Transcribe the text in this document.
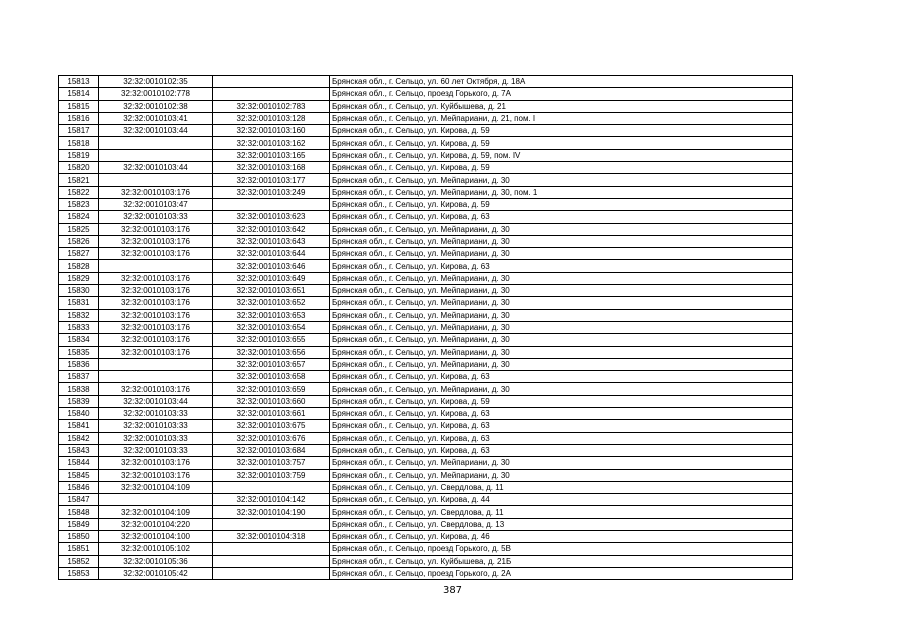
15813	32:32:0010102:35		Брянская обл., г. Сельцо, ул. 60 лет Октября, д. 18А
15814	32:32:0010102:778		Брянская обл., г. Сельцо, проезд Горького, д. 7А
15815	32:32:0010102:38	32:32:0010102:783	Брянская обл., г. Сельцо, ул. Куйбышева, д. 21
15816	32:32:0010103:41	32:32:0010103:128	Брянская обл., г. Сельцо, ул. Мейпариани, д. 21, пом. I
15817	32:32:0010103:44	32:32:0010103:160	Брянская обл., г. Сельцо, ул. Кирова, д. 59
15818		32:32:0010103:162	Брянская обл., г. Сельцо, ул. Кирова, д. 59
15819		32:32:0010103:165	Брянская обл., г. Сельцо, ул. Кирова, д. 59, пом. IV
15820	32:32:0010103:44	32:32:0010103:168	Брянская обл., г. Сельцо, ул. Кирова, д. 59
15821		32:32:0010103:177	Брянская обл., г. Сельцо, ул. Мейпариани, д. 30
15822	32:32:0010103:176	32:32:0010103:249	Брянская обл., г. Сельцо, ул. Мейпариани, д. 30, пом. 1
15823	32:32:0010103:47		Брянская обл., г. Сельцо, ул. Кирова, д. 59
15824	32:32:0010103:33	32:32:0010103:623	Брянская обл., г. Сельцо, ул. Кирова, д. 63
15825	32:32:0010103:176	32:32:0010103:642	Брянская обл., г. Сельцо, ул. Мейпариани, д. 30
15826	32:32:0010103:176	32:32:0010103:643	Брянская обл., г. Сельцо, ул. Мейпариани, д. 30
15827	32:32:0010103:176	32:32:0010103:644	Брянская обл., г. Сельцо, ул. Мейпариани, д. 30
15828		32:32:0010103:646	Брянская обл., г. Сельцо, ул. Кирова, д. 63
15829	32:32:0010103:176	32:32:0010103:649	Брянская обл., г. Сельцо, ул. Мейпариани, д. 30
15830	32:32:0010103:176	32:32:0010103:651	Брянская обл., г. Сельцо, ул. Мейпариани, д. 30
15831	32:32:0010103:176	32:32:0010103:652	Брянская обл., г. Сельцо, ул. Мейпариани, д. 30
15832	32:32:0010103:176	32:32:0010103:653	Брянская обл., г. Сельцо, ул. Мейпариани, д. 30
15833	32:32:0010103:176	32:32:0010103:654	Брянская обл., г. Сельцо, ул. Мейпариани, д. 30
15834	32:32:0010103:176	32:32:0010103:655	Брянская обл., г. Сельцо, ул. Мейпариани, д. 30
15835	32:32:0010103:176	32:32:0010103:656	Брянская обл., г. Сельцо, ул. Мейпариани, д. 30
15836		32:32:0010103:657	Брянская обл., г. Сельцо, ул. Мейпариани, д. 30
15837		32:32:0010103:658	Брянская обл., г. Сельцо, ул. Кирова, д. 63
15838	32:32:0010103:176	32:32:0010103:659	Брянская обл., г. Сельцо, ул. Мейпариани, д. 30
15839	32:32:0010103:44	32:32:0010103:660	Брянская обл., г. Сельцо, ул. Кирова, д. 59
15840	32:32:0010103:33	32:32:0010103:661	Брянская обл., г. Сельцо, ул. Кирова, д. 63
15841	32:32:0010103:33	32:32:0010103:675	Брянская обл., г. Сельцо, ул. Кирова, д. 63
15842	32:32:0010103:33	32:32:0010103:676	Брянская обл., г. Сельцо, ул. Кирова, д. 63
15843	32:32:0010103:33	32:32:0010103:684	Брянская обл., г. Сельцо, ул. Кирова, д. 63
15844	32:32:0010103:176	32:32:0010103:757	Брянская обл., г. Сельцо, ул. Мейпариани, д. 30
15845	32:32:0010103:176	32:32:0010103:759	Брянская обл., г. Сельцо, ул. Мейпариани, д. 30
15846	32:32:0010104:109		Брянская обл., г. Сельцо, ул. Свердлова, д. 11
15847		32:32:0010104:142	Брянская обл., г. Сельцо, ул. Кирова, д. 44
15848	32:32:0010104:109	32:32:0010104:190	Брянская обл., г. Сельцо, ул. Свердлова, д. 11
15849	32:32:0010104:220		Брянская обл., г. Сельцо, ул. Свердлова, д. 13
15850	32:32:0010104:100	32:32:0010104:318	Брянская обл., г. Сельцо, ул. Кирова, д. 46
15851	32:32:0010105:102		Брянская обл., г. Сельцо, проезд Горького, д. 5В
15852	32:32:0010105:36		Брянская обл., г. Сельцо, ул. Куйбышева, д. 21Б
15853	32:32:0010105:42		Брянская обл., г. Сельцо, проезд Горького, д. 2А
387
